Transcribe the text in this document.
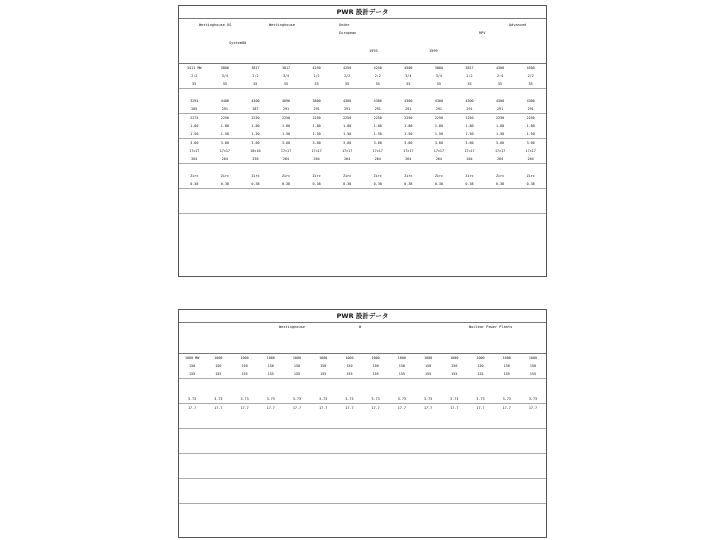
PWR 設計データ
Westinghouse US	Westinghouse
System80
Under
European
1993	1999
RPV
Advanced
3411 MW	3800	3817	3817	4250	4250	4250	4500	3800	3817	4300	4500
2:2	3/4	2:2	3/4	1/1	2/2	2:2	3/4	3/4	2:2	2:4	2/2
55	55	55	55	55	55	55	55	55	55	55	55
3294	4400	4300	4096	3800	4300	4300	4300	4300	4300	4300	4300
285	291	287	291	291	291	291	291	291	291	291	291
2275	2250	2250	2250	2250	2250	2250	2250	2250	2250	2250	2250
1.80	1.80	1.80	1.80	1.80	1.80	1.80	1.80	1.80	1.80	1.80	1.80
1.50	1.50	1.50	1.50	1.50	1.50	1.50	1.50	1.50	1.50	1.50	1.50
3.60	3.60	3.60	3.60	3.60	3.60	3.60	3.60	3.60	3.60	3.60	3.60
17×17	17×17	16×16	17×17	17×17	17×17	17×17	17×17	17×17	17×17	17×17	17×17
264	264	236	264	264	264	264	264	264	264	264	264
Zirc	Zirc	Zirc	Zirc	Zirc	Zirc	Zirc	Zirc	Zirc	Zirc	Zirc	Zirc
0.38	0.38	0.38	0.38	0.38	0.38	0.38	0.38	0.38	0.38	0.38	0.38
PWR 設計データ
Westinghouse	W	Nuclear Power Plants
1000 MW	1000	1000	1000	1000	1000	1000	1000	1000	1000	1000	1000	1000	1000
150	150	150	150	150	150	150	150	150	150	150	150	150	150
155	155	155	155	155	155	155	155	155	155	155	155	155	155
3.73	3.73	3.73	3.73	3.73	3.73	3.73	3.73	3.73	3.73	3.73	3.73	3.73	3.73
17.7	17.7	17.7	17.7	17.7	17.7	17.7	17.7	17.7	17.7	17.7	17.7	17.7	17.7
